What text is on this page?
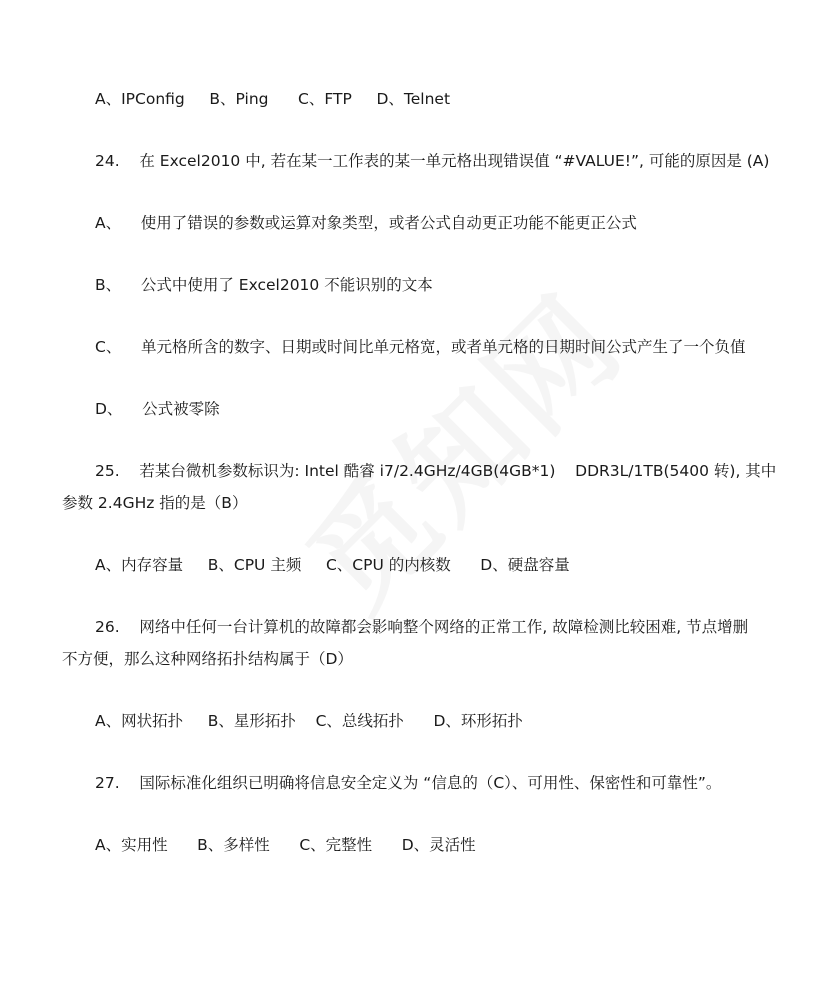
A、IPConfig     B、Ping      C、FTP     D、Telnet

24.    在 Excel2010 中, 若在某一工作表的某一单元格出现错误值 “#VALUE!”, 可能的原因是 (A)

A、    使用了错误的参数或运算对象类型，或者公式自动更正功能不能更正公式

B、    公式中使用了 Excel2010 不能识别的文本

C、    单元格所含的数字、日期或时间比单元格宽，或者单元格的日期时间公式产生了一个负值

D、    公式被零除

25.    若某台微机参数标识为: Intel 酷睿 i7/2.4GHz/4GB(4GB*1)    DDR3L/1TB(5400 转), 其中

参数 2.4GHz 指的是（B）

A、内存容量     B、CPU 主频     C、CPU 的内核数      D、硬盘容量

26.    网络中任何一台计算机的故障都会影响整个网络的正常工作, 故障检测比较困难, 节点增删

不方便，那么这种网络拓扑结构属于（D）

A、网状拓扑     B、星形拓扑    C、总线拓扑      D、环形拓扑

27.    国际标准化组织已明确将信息安全定义为 “信息的（C）、可用性、保密性和可靠性”。

A、实用性      B、多样性      C、完整性      D、灵活性
